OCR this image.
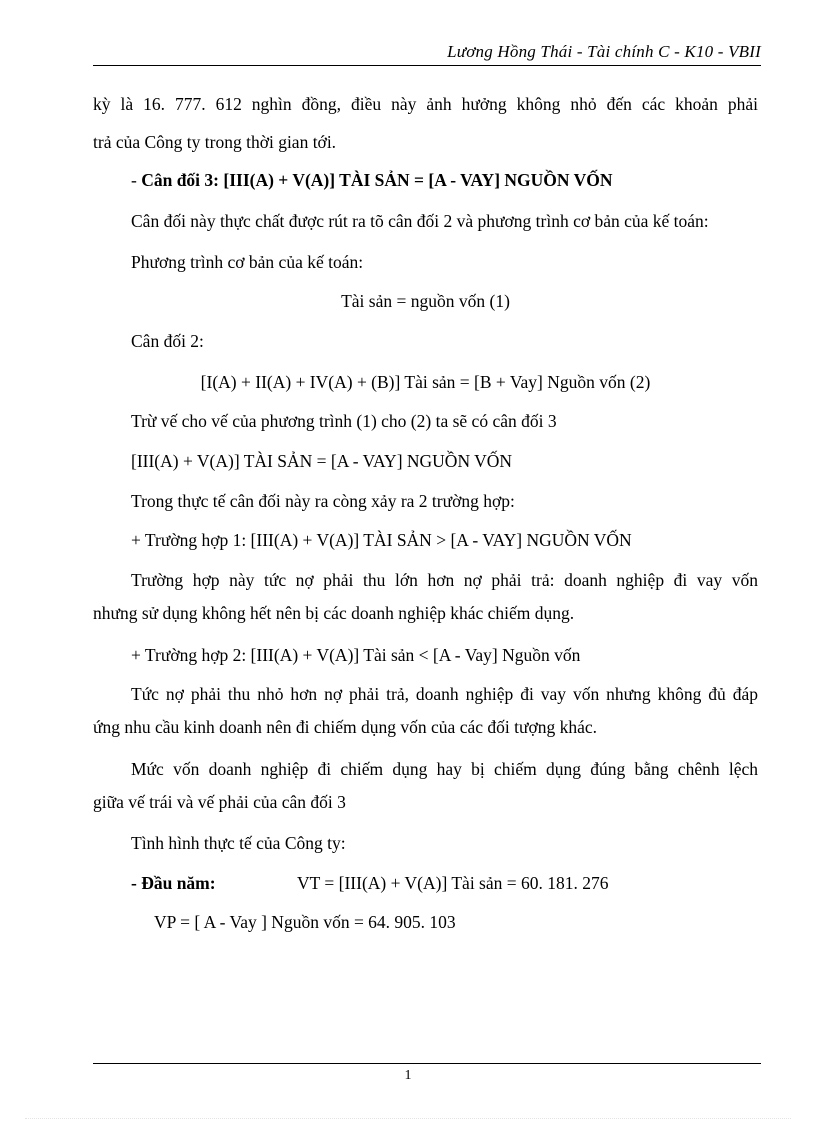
Lương Hồng Thái - Tài chính C - K10 - VBII
kỳ là 16. 777. 612 nghìn đồng, điều này ảnh hưởng không nhỏ đến các khoản phải
trả của Công ty trong thời gian tới.
- Cân đối 3: [III(A) + V(A)] TÀI SẢN = [A - VAY] NGUỒN VỐN
Cân đối này thực chất được rút ra tõ cân đối 2 và phương trình cơ bản của kế toán:
Phương trình cơ bản của kế toán:
Tài sản = nguồn vốn (1)
Cân đối 2:
[I(A) + II(A) + IV(A) + (B)] Tài sản = [B + Vay] Nguồn vốn (2)
Trừ vế cho vế của phương trình (1) cho (2) ta sẽ có cân đối 3
[III(A) + V(A)] TÀI SẢN = [A - VAY] NGUỒN VỐN
Trong thực tế cân đối này ra còng xảy ra 2 trường hợp:
+ Trường hợp 1: [III(A) + V(A)] TÀI SẢN > [A - VAY] NGUỒN VỐN
Trường hợp này tức nợ phải thu lớn hơn nợ phải trả: doanh nghiệp đi vay vốn
nhưng sử dụng không hết nên bị các doanh nghiệp khác chiếm dụng.
+ Trường hợp 2: [III(A) + V(A)] Tài sản < [A - Vay] Nguồn vốn
Tức nợ phải thu nhỏ hơn nợ phải trả, doanh nghiệp đi vay vốn nhưng không đủ đáp
ứng nhu cầu kinh doanh nên đi chiếm dụng vốn của các đối tượng khác.
Mức vốn doanh nghiệp đi chiếm dụng hay bị chiếm dụng đúng bằng chênh lệch
giữa vế trái và vế phải của cân đối 3
Tình hình thực tế của Công ty:
- Đầu năm:	VT = [III(A) + V(A)] Tài sản = 60. 181. 276
VP = [ A - Vay ] Nguồn vốn = 64. 905. 103
1
